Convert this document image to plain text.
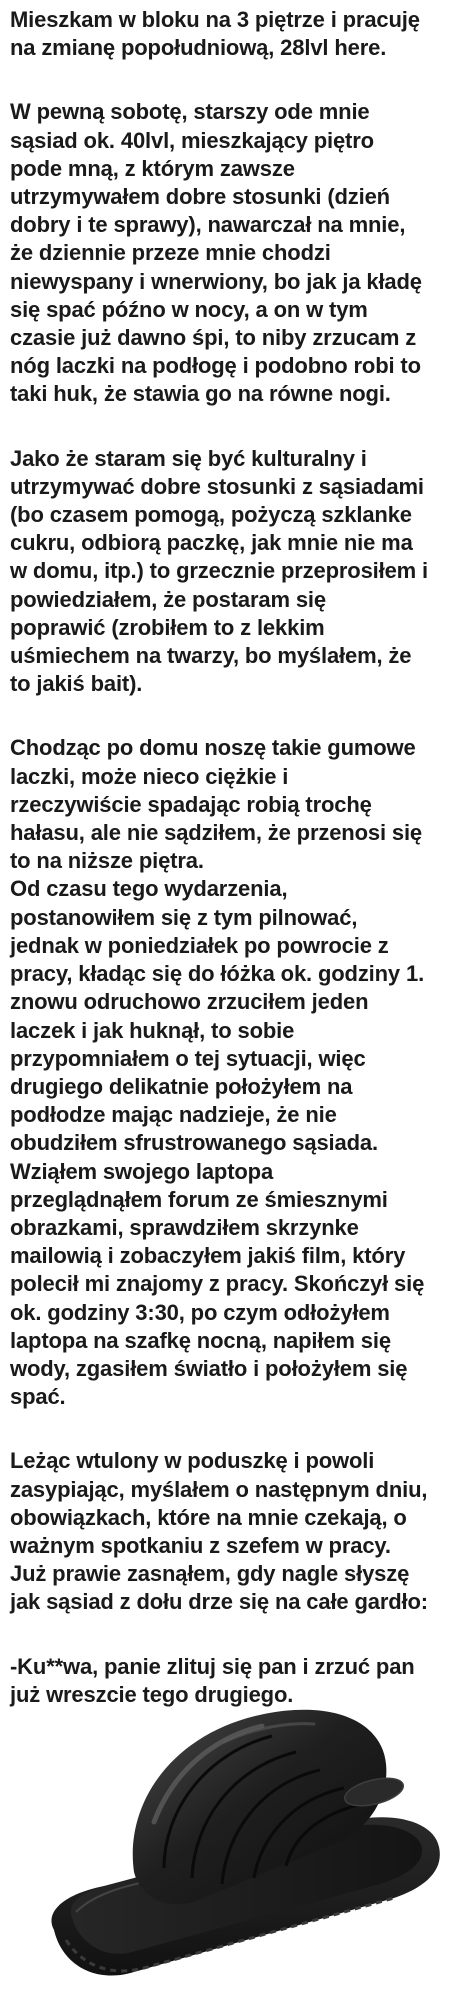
Mieszkam w bloku na 3 piętrze i pracuję
na zmianę popołudniową, 28lvl here.

W pewną sobotę, starszy ode mnie
sąsiad ok. 40lvl, mieszkający piętro
pode mną, z którym zawsze
utrzymywałem dobre stosunki (dzień
dobry i te sprawy), nawarczał na mnie,
że dziennie przeze mnie chodzi
niewyspany i wnerwiony, bo jak ja kładę
się spać późno w nocy, a on w tym
czasie już dawno śpi, to niby zrzucam z
nóg laczki na podłogę i podobno robi to
taki huk, że stawia go na równe nogi.

Jako że staram się być kulturalny i
utrzymywać dobre stosunki z sąsiadami
(bo czasem pomogą, pożyczą szklanke
cukru, odbiorą paczkę, jak mnie nie ma
w domu, itp.) to grzecznie przeprosiłem i
powiedziałem, że postaram się
poprawić (zrobiłem to z lekkim
uśmiechem na twarzy, bo myślałem, że
to jakiś bait).

Chodząc po domu noszę takie gumowe
laczki, może nieco ciężkie i
rzeczywiście spadając robią trochę
hałasu, ale nie sądziłem, że przenosi się
to na niższe piętra.

Od czasu tego wydarzenia,
postanowiłem się z tym pilnować,
jednak w poniedziałek po powrocie z
pracy, kładąc się do łóżka ok. godziny 1.
znowu odruchowo zrzuciłem jeden
laczek i jak huknął, to sobie
przypomniałem o tej sytuacji, więc
drugiego delikatnie położyłem na
podłodze mając nadzieje, że nie
obudziłem sfrustrowanego sąsiada.
Wziąłem swojego laptopa
przeglądnąłem forum ze śmiesznymi
obrazkami, sprawdziłem skrzynke
mailowią i zobaczyłem jakiś film, który
polecił mi znajomy z pracy. Skończył się
ok. godziny 3:30, po czym odłożyłem
laptopa na szafkę nocną, napiłem się
wody, zgasiłem światło i położyłem się
spać.

Leżąc wtulony w poduszkę i powoli
zasypiając, myślałem o następnym dniu,
obowiązkach, które na mnie czekają, o
ważnym spotkaniu z szefem w pracy.
Już prawie zasnąłem, gdy nagle słyszę
jak sąsiad z dołu drze się na całe gardło:

-Ku**wa, panie zlituj się pan i zrzuć pan
już wreszcie tego drugiego.
